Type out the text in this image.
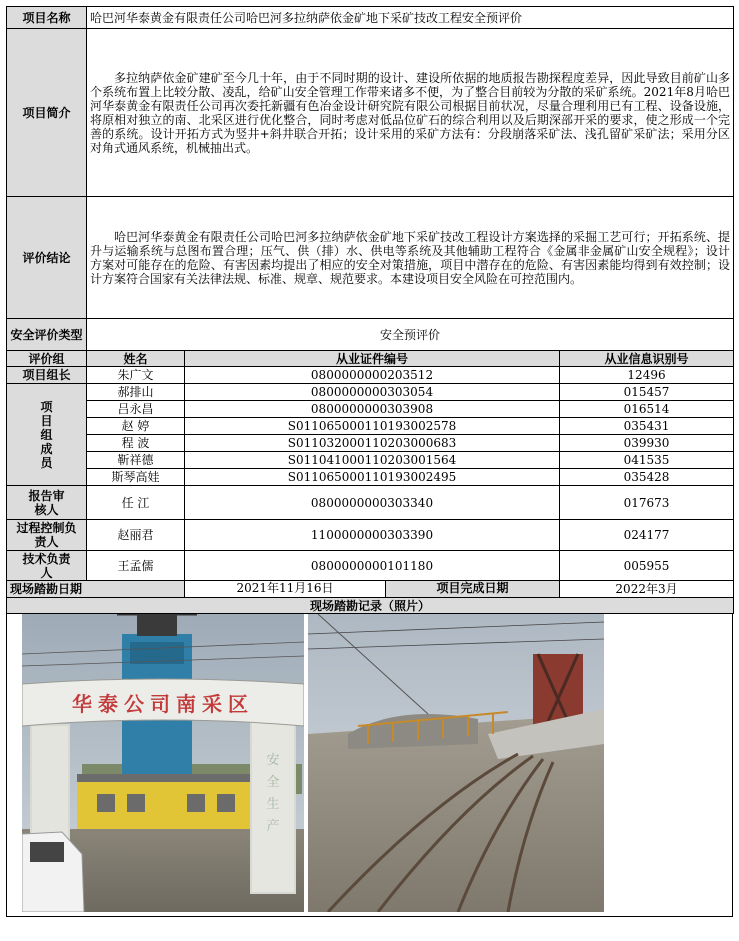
项目名称	哈巴河华泰黄金有限责任公司哈巴河多拉纳萨依金矿地下采矿技改工程安全预评价		
项目简介	多拉纳萨依金矿建矿至今几十年，由于不同时期的设计、建设所依据的地质报告勘探程度差异，因此导致目前矿山多个系统布置上比较分散、凌乱，给矿山安全管理工作带来诸多不便，为了整合目前较为分散的采矿系统。2021年8月哈巴河华泰黄金有限责任公司再次委托新疆有色冶金设计研究院有限公司根据目前状况，尽量合理利用已有工程、设备设施，将原相对独立的南、北采区进行优化整合，同时考虑对低品位矿石的综合利用以及后期深部开采的要求，使之形成一个完善的系统。设计开拓方式为竖井+斜井联合开拓；设计采用的采矿方法有：分段崩落采矿法、浅孔留矿采矿法；采用分区对角式通风系统，机械抽出式。		
评价结论	哈巴河华泰黄金有限责任公司哈巴河多拉纳萨依金矿地下采矿技改工程设计方案选择的采掘工艺可行；开拓系统、提升与运输系统与总图布置合理；压气、供（排）水、供电等系统及其他辅助工程符合《金属非金属矿山安全规程》；设计方案对可能存在的危险、有害因素均提出了相应的安全对策措施，项目中潜存在的危险、有害因素能均得到有效控制；设计方案符合国家有关法律法规、标准、规章、规范要求。本建设项目安全风险在可控范围内。		
安全评价类型	安全预评价		
评价组	姓名	从业证件编号	从业信息识别号
项目组长	朱广文	0800000000203512	12496
项目组成员	郝排山	0800000000303054	015457
	吕永昌	0800000000303908	016514
	赵 婷	S011065000110193002578	035431
	程 波	S011032000110203000683	039930
	靳祥德	S011041000110203001564	041535
	斯琴高娃	S011065000110193002495	035428
报告审核人	任 江	0800000000303340	017673
过程控制负责人	赵丽君	1100000000303390	024177
技术负责人	王孟儒	0800000000101180	005955
现场踏勘日期		2021年11月16日 项目完成日期	2022年3月
现场踏勘记录（照片）			
安全生产
华泰公司南采区
